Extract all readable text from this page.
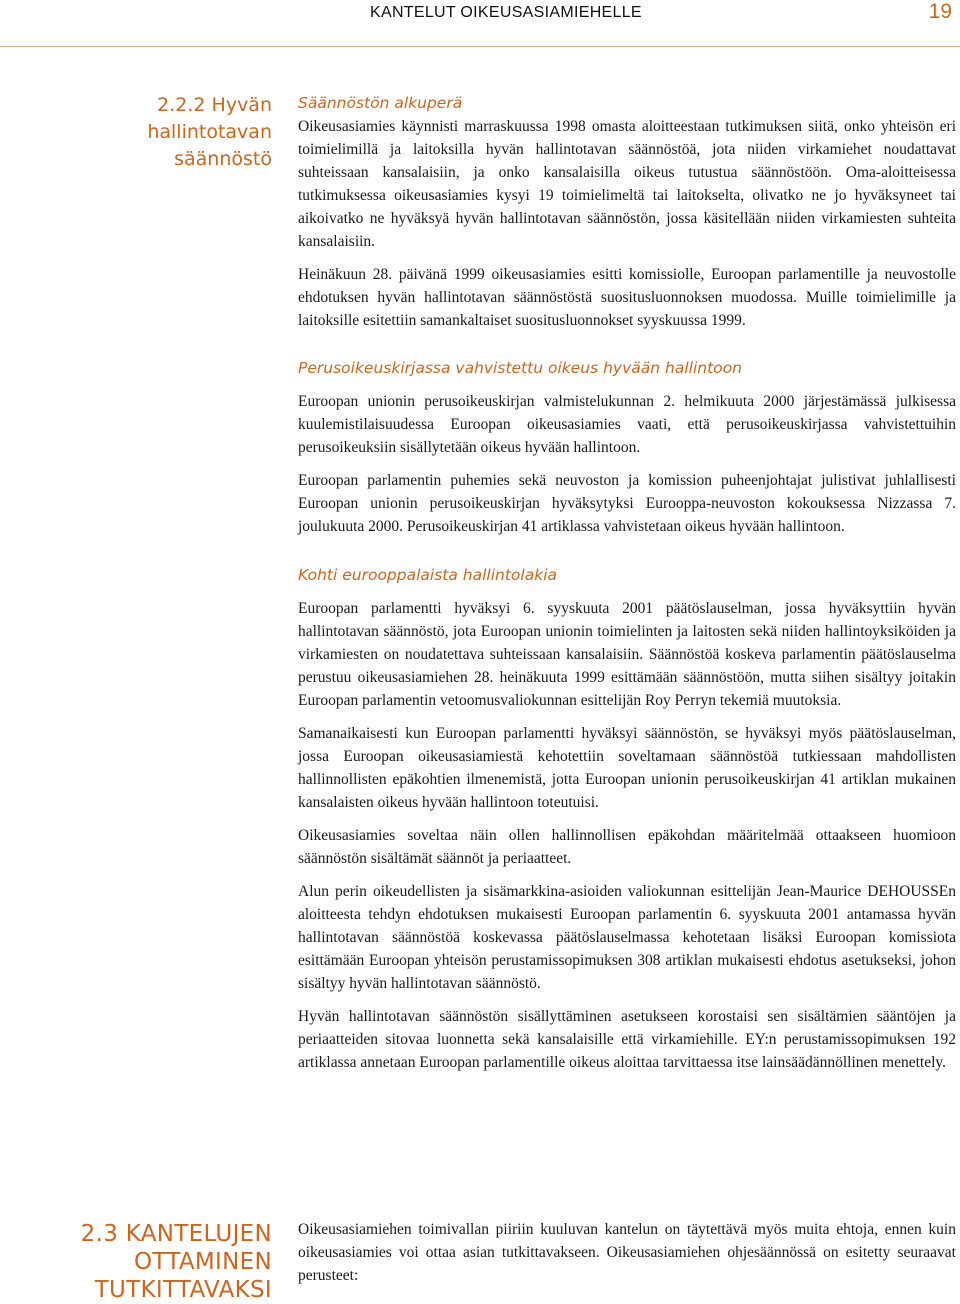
KANTELUT OIKEUSASIAMIEHELLE	19
2.2.2 Hyvän
hallintotavan
säännöstö
2.3 KANTELUJEN
OTTAMINEN
TUTKITTAVAKSI

Säännöstön alkuperä

Oikeusasiamies käynnisti marraskuussa 1998 omasta aloitteestaan tutkimuksen siitä, onko yhteisön eri toimielimillä ja laitoksilla hyvän hallintotavan säännöstöä, jota niiden virkamiehet noudattavat suhteissaan kansalaisiin, ja onko kansalaisilla oikeus tutustua säännöstöön. Oma-aloitteisessa tutkimuksessa oikeusasiamies kysyi 19 toimielimeltä tai laitokselta, olivatko ne jo hyväksyneet tai aikoivatko ne hyväksyä hyvän hallintotavan säännöstön, jossa käsitellään niiden virkamiesten suhteita kansalaisiin.

Heinäkuun 28. päivänä 1999 oikeusasiamies esitti komissiolle, Euroopan parlamentille ja neuvostolle ehdotuksen hyvän hallintotavan säännöstöstä suositusluonnoksen muodossa. Muille toimielimille ja laitoksille esitettiin samankaltaiset suositusluonnokset syyskuussa 1999.

Perusoikeuskirjassa vahvistettu oikeus hyvään hallintoon

Euroopan unionin perusoikeuskirjan valmistelukunnan 2. helmikuuta 2000 järjestämässä julkisessa kuulemistilaisuudessa Euroopan oikeusasiamies vaati, että perusoikeuskirjassa vahvistettuihin perusoikeuksiin sisällytetään oikeus hyvään hallintoon.

Euroopan parlamentin puhemies sekä neuvoston ja komission puheenjohtajat julistivat juhlallisesti Euroopan unionin perusoikeuskirjan hyväksytyksi Eurooppa-neuvoston kokouksessa Nizzassa 7. joulukuuta 2000. Perusoikeuskirjan 41 artiklassa vahvistetaan oikeus hyvään hallintoon.

Kohti eurooppalaista hallintolakia

Euroopan parlamentti hyväksyi 6. syyskuuta 2001 päätöslauselman, jossa hyväksyttiin hyvän hallintotavan säännöstö, jota Euroopan unionin toimielinten ja laitosten sekä niiden hallintoyksiköiden ja virkamiesten on noudatettava suhteissaan kansalaisiin. Säännöstöä koskeva parlamentin päätöslauselma perustuu oikeusasiamiehen 28. heinäkuuta 1999 esittämään säännöstöön, mutta siihen sisältyy joitakin Euroopan parlamentin vetoomusvaliokunnan esittelijän Roy Perryn tekemiä muutoksia.

Samanaikaisesti kun Euroopan parlamentti hyväksyi säännöstön, se hyväksyi myös päätöslauselman, jossa Euroopan oikeusasiamiestä kehotettiin soveltamaan säännöstöä tutkiessaan mahdollisten hallinnollisten epäkohtien ilmenemistä, jotta Euroopan unionin perusoikeuskirjan 41 artiklan mukainen kansalaisten oikeus hyvään hallintoon toteutuisi.

Oikeusasiamies soveltaa näin ollen hallinnollisen epäkohdan määritelmää ottaakseen huomioon säännöstön sisältämät säännöt ja periaatteet.

Alun perin oikeudellisten ja sisämarkkina-asioiden valiokunnan esittelijän Jean-Maurice DEHOUSSEn aloitteesta tehdyn ehdotuksen mukaisesti Euroopan parlamentin 6. syyskuuta 2001 antamassa hyvän hallintotavan säännöstöä koskevassa päätöslauselmassa kehotetaan lisäksi Euroopan komissiota esittämään Euroopan yhteisön perustamissopimuksen 308 artiklan mukaisesti ehdotus asetukseksi, johon sisältyy hyvän hallintotavan säännöstö.

Hyvän hallintotavan säännöstön sisällyttäminen asetukseen korostaisi sen sisältämien sääntöjen ja periaatteiden sitovaa luonnetta sekä kansalaisille että virkamiehille. EY:n perustamissopimuksen 192 artiklassa annetaan Euroopan parlamentille oikeus aloittaa tarvittaessa itse lainsäädännöllinen menettely.

Oikeusasiamiehen toimivallan piiriin kuuluvan kantelun on täytettävä myös muita ehtoja, ennen kuin oikeusasiamies voi ottaa asian tutkittavakseen. Oikeusasiamiehen ohjesäännössä on esitetty seuraavat perusteet:
